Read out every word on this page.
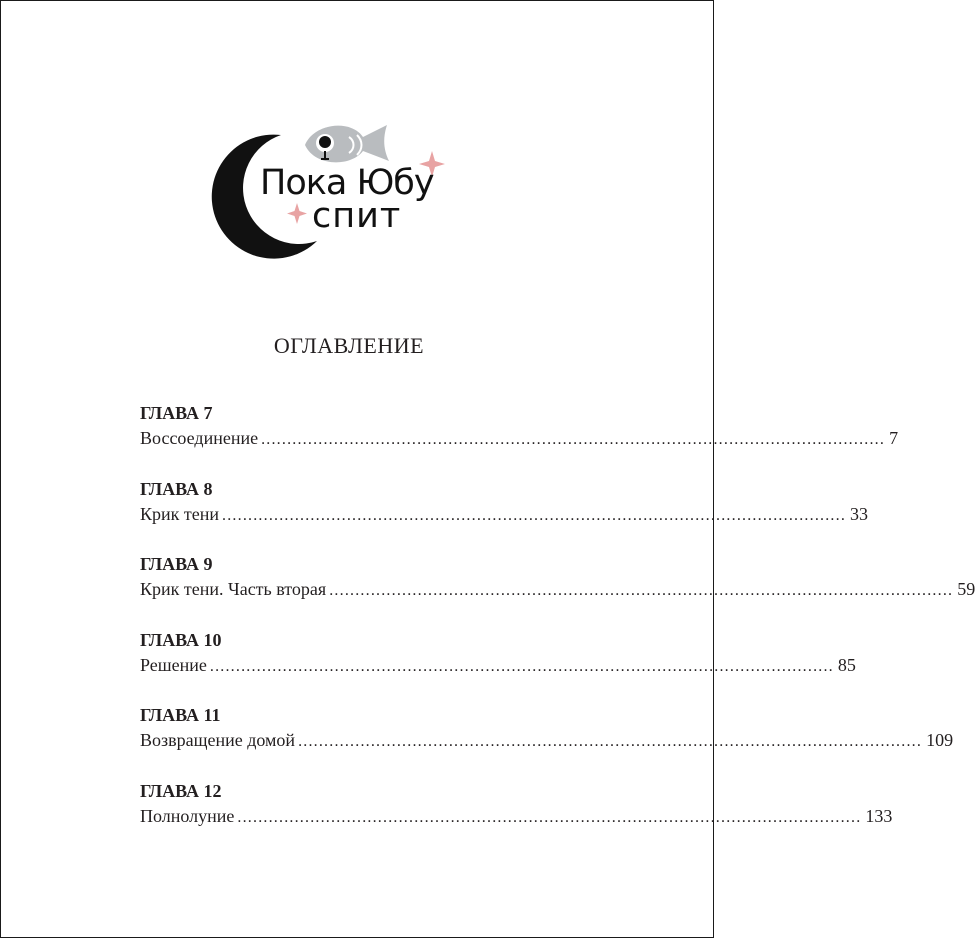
Пока Юбу
спит
ОГЛАВЛЕНИЕ
ГЛАВА 7
Воссоединение ........................................................................................................................ 7
ГЛАВА 8
Крик тени ........................................................................................................................ 33
ГЛАВА 9
Крик тени. Часть вторая ........................................................................................................................ 59
ГЛАВА 10
Решение ........................................................................................................................ 85
ГЛАВА 11
Возвращение домой ........................................................................................................................ 109
ГЛАВА 12
Полнолуние ........................................................................................................................ 133
